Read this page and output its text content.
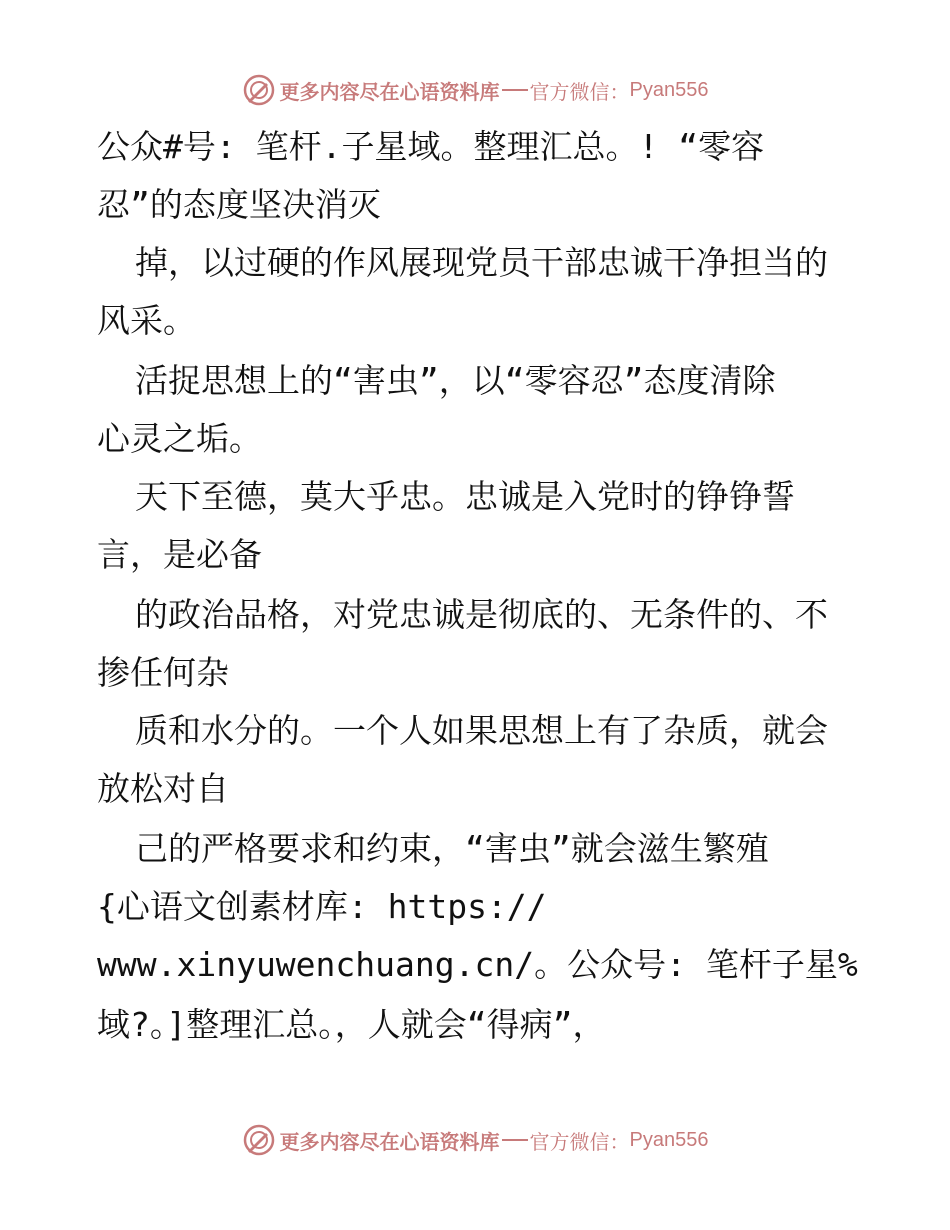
更多内容尽在心语资料库 官方微信： Pyan556
公众#号: 笔杆.子星域。整理汇总。! “零容
忍”的态度坚决消灭
掉，以过硬的作风展现党员干部忠诚干净担当的
风采。
活捉思想上的“害虫”，以“零容忍”态度清除
心灵之垢。
天下至德，莫大乎忠。忠诚是入党时的铮铮誓
言，是必备
的政治品格，对党忠诚是彻底的、无条件的、不
掺任何杂
质和水分的。一个人如果思想上有了杂质，就会
放松对自
己的严格要求和约束，“害虫”就会滋生繁殖
{心语文创素材库: https://
www.xinyuwenchuang.cn/。公众号: 笔杆子星%
域?。]整理汇总。，人就会“得病”，
更多内容尽在心语资料库 官方微信： Pyan556
